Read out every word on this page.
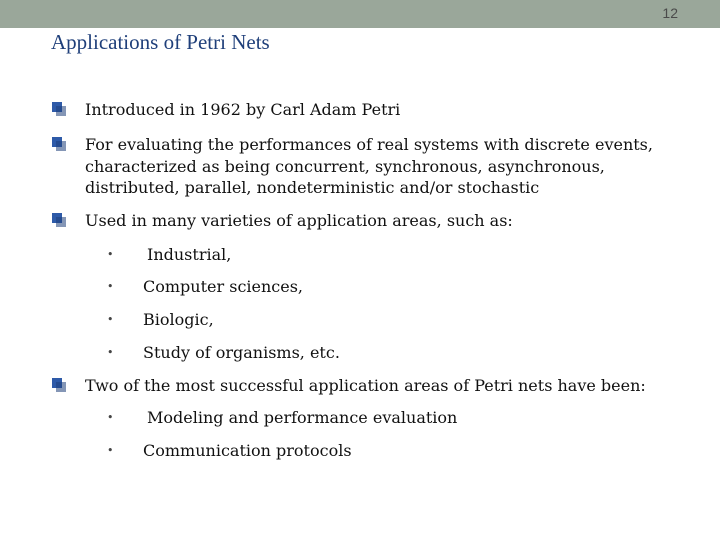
12
Applications of Petri Nets
Introduced in 1962 by Carl Adam Petri
For evaluating the performances of real systems with discrete events, characterized as being concurrent, synchronous, asynchronous, distributed, parallel, nondeterministic and/or stochastic
Used in many varieties of application areas, such as:
• Industrial,
• Computer sciences,
• Biologic,
• Study of organisms, etc.
Two of the most successful application areas of Petri nets have been:
• Modeling and performance evaluation
• Communication protocols
